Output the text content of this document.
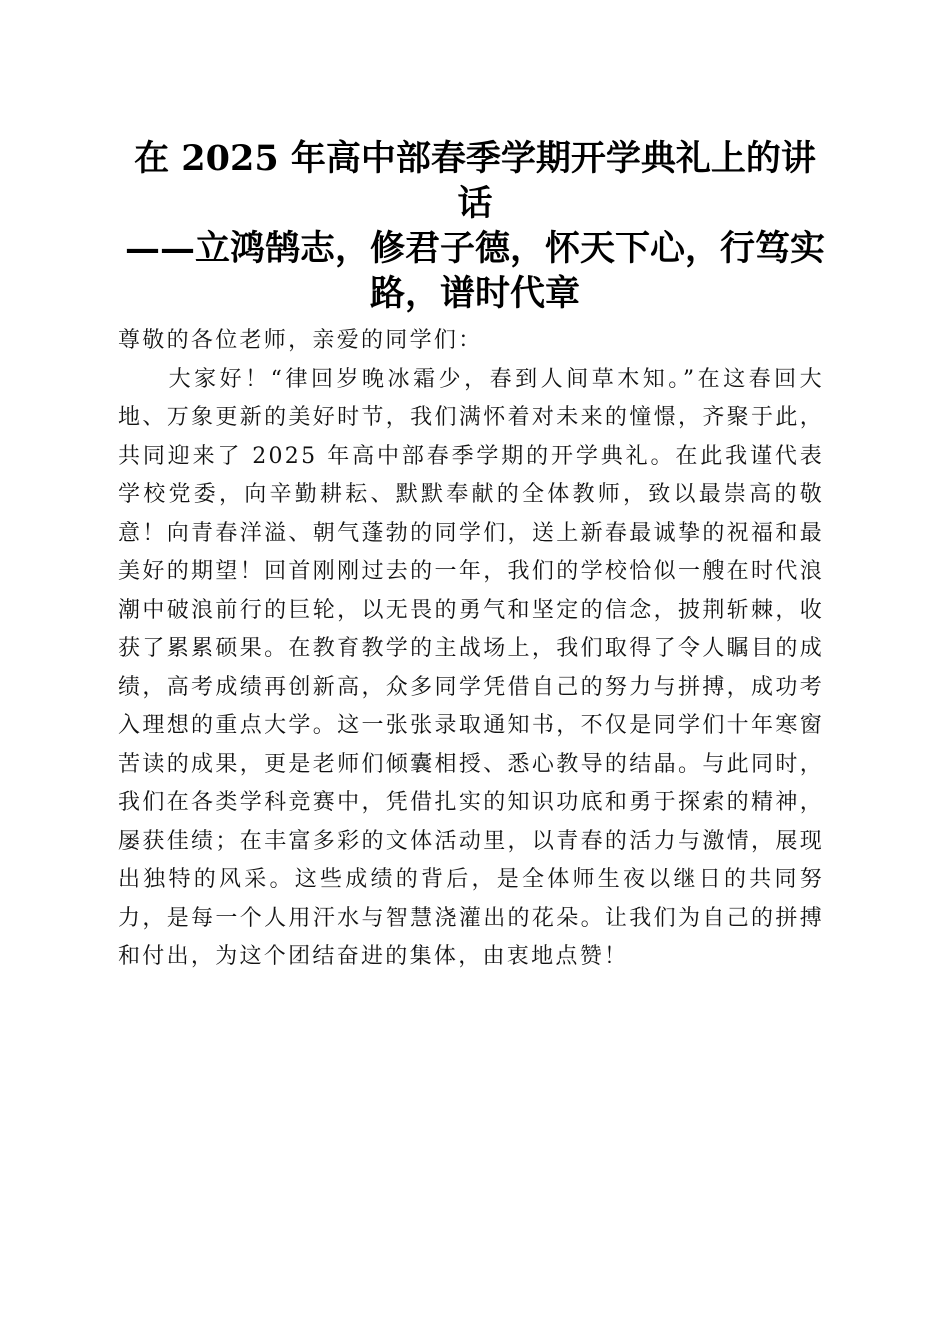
在 2025 年高中部春季学期开学典礼上的讲话
——立鸿鹄志，修君子德，怀天下心，行笃实路，谱时代章

尊敬的各位老师，亲爱的同学们：

大家好！“律回岁晚冰霜少，春到人间草木知。”在这春回大地、万象更新的美好时节，我们满怀着对未来的憧憬，齐聚于此，共同迎来了 2025 年高中部春季学期的开学典礼。在此我谨代表学校党委，向辛勤耕耘、默默奉献的全体教师，致以最崇高的敬意！向青春洋溢、朝气蓬勃的同学们，送上新春最诚挚的祝福和最美好的期望！回首刚刚过去的一年，我们的学校恰似一艘在时代浪潮中破浪前行的巨轮，以无畏的勇气和坚定的信念，披荆斩棘，收获了累累硕果。在教育教学的主战场上，我们取得了令人瞩目的成绩，高考成绩再创新高，众多同学凭借自己的努力与拼搏，成功考入理想的重点大学。这一张张录取通知书，不仅是同学们十年寒窗苦读的成果，更是老师们倾囊相授、悉心教导的结晶。与此同时，我们在各类学科竞赛中，凭借扎实的知识功底和勇于探索的精神，屡获佳绩；在丰富多彩的文体活动里，以青春的活力与激情，展现出独特的风采。这些成绩的背后，是全体师生夜以继日的共同努力，是每一个人用汗水与智慧浇灌出的花朵。让我们为自己的拼搏和付出，为这个团结奋进的集体，由衷地点赞！
